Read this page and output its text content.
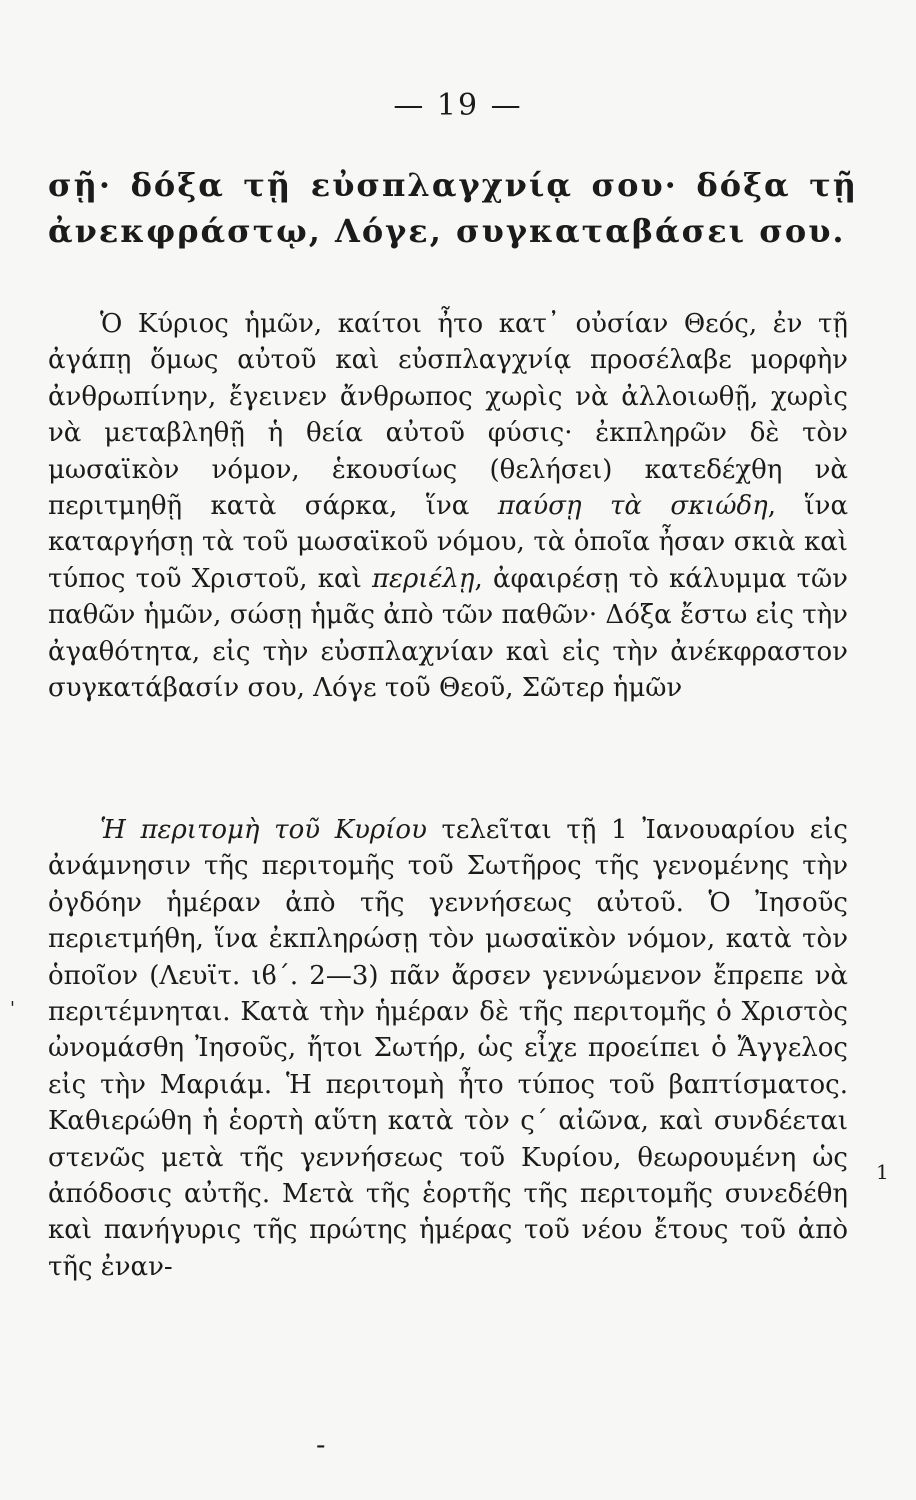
— 19 —
σῇ· δόξα τῇ εὐσπλαγχνίᾳ σου· δόξα τῇ ἀνεκφράστῳ, Λόγε, συγκαταβάσει σου.
Ὁ Κύριος ἡμῶν, καίτοι ἦτο κατ᾿ οὐσίαν Θεός, ἐν τῇ ἀγάπῃ ὅμως αὐτοῦ καὶ εὐσπλαγχνίᾳ προσέλαβε μορφὴν ἀνθρωπίνην, ἔγεινεν ἄνθρωπος χωρὶς νὰ ἀλλοιωθῇ, χωρὶς νὰ μεταβληθῇ ἡ θεία αὐτοῦ φύσις· ἐκπληρῶν δὲ τὸν μωσαϊκὸν νόμον, ἑκουσίως (θελήσει) κατεδέχθη νὰ περιτμηθῇ κατὰ σάρκα, ἵνα παύσῃ τὰ σκιώδη, ἵνα καταργήσῃ τὰ τοῦ μωσαϊκοῦ νόμου, τὰ ὁποῖα ἦσαν σκιὰ καὶ τύπος τοῦ Χριστοῦ, καὶ περιέλῃ, ἀφαιρέσῃ τὸ κάλυμμα τῶν παθῶν ἡμῶν, σώσῃ ἡμᾶς ἀπὸ τῶν παθῶν· Δόξα ἔστω εἰς τὴν ἀγαθότητα, εἰς τὴν εὐσπλαχνίαν καὶ εἰς τὴν ἀνέκφραστον συγκατάβασίν σου, Λόγε τοῦ Θεοῦ, Σῶτερ ἡμῶν
Ἡ περιτομὴ τοῦ Κυρίου τελεῖται τῇ 1 Ἰανουαρίου εἰς ἀνάμνησιν τῆς περιτομῆς τοῦ Σωτῆρος τῆς γενομένης τὴν ὀγδόην ἡμέραν ἀπὸ τῆς γεννήσεως αὐτοῦ. Ὁ Ἰησοῦς περιετμήθη, ἵνα ἐκπληρώσῃ τὸν μωσαϊκὸν νόμον, κατὰ τὸν ὁποῖον (Λευϊτ. ιϐ΄. 2—3) πᾶν ἄρσεν γεννώμενον ἔπρεπε νὰ περιτέμνηται. Κατὰ τὴν ἡμέραν δὲ τῆς περιτομῆς ὁ Χριστὸς ὠνομάσθη Ἰησοῦς, ἤτοι Σωτήρ, ὡς εἶχε προείπει ὁ Ἄγγελος εἰς τὴν Μαριάμ. Ἡ περιτομὴ ἦτο τύπος τοῦ βαπτίσματος. Καθιερώθη ἡ ἑορτὴ αὕτη κατὰ τὸν ς΄ αἰῶνα, καὶ συνδέεται στενῶς μετὰ τῆς γεννήσεως τοῦ Κυρίου, θεωρουμένη ὡς ἀπόδοσις αὐτῆς. Μετὰ τῆς ἑορτῆς τῆς περιτομῆς συνεδέθη καὶ πανήγυρις τῆς πρώτης ἡμέρας τοῦ νέου ἔτους τοῦ ἀπὸ τῆς ἐναν-
'
1
-
